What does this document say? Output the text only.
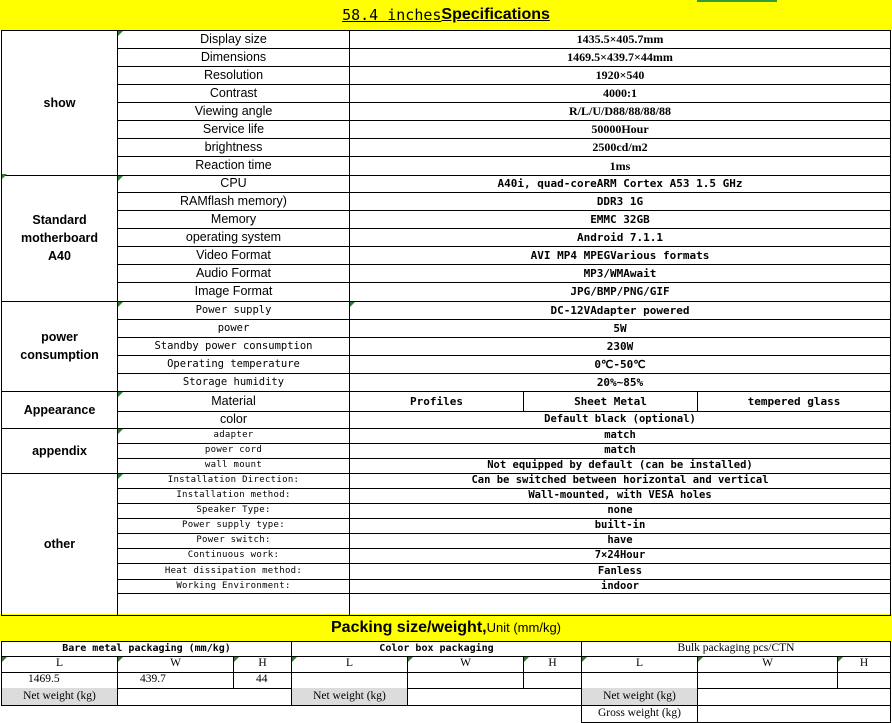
58.4 inches Specifications
Packing size/weight, Unit (mm/kg)
show
Display size	1435.5×405.7mm
Dimensions	1469.5×439.7×44mm
Resolution	1920×540
Contrast	4000:1
Viewing angle	R/L/U/D88/88/88/88
Service life	50000Hour
brightness	2500cd/m2
Reaction time	1ms
Standard motherboard A40
CPU	A40i, quad-coreARM Cortex A53 1.5 GHz
RAMflash memory)	DDR3 1G
Memory	EMMC 32GB
operating system	Android 7.1.1
Video Format	AVI MP4 MPEGVarious formats
Audio Format	MP3/WMAwait
Image Format	JPG/BMP/PNG/GIF
power consumption
Power supply	DC-12VAdapter powered
power	5W
Standby power consumption	230W
Operating temperature	0℃-50℃
Storage humidity	20%~85%
Appearance
Material	Profiles	Sheet Metal	tempered glass
color	Default black (optional)
appendix
adapter	match
power cord	match
wall mount	Not equipped by default (can be installed)
other
Installation Direction:	Can be switched between horizontal and vertical
Installation method:	Wall-mounted, with VESA holes
Speaker Type:	none
Power supply type:	built-in
Power switch:	have
Continuous work:	7×24Hour
Heat dissipation method:	Fanless
Working Environment:	indoor
Bare metal packaging (mm/kg)
L	W	H
1469.5	439.7	44
Net weight (kg)
Color box packaging
L	W	H
Net weight (kg)
Bulk packaging pcs/CTN
L	W	H
Net weight (kg)
Gross weight (kg)
